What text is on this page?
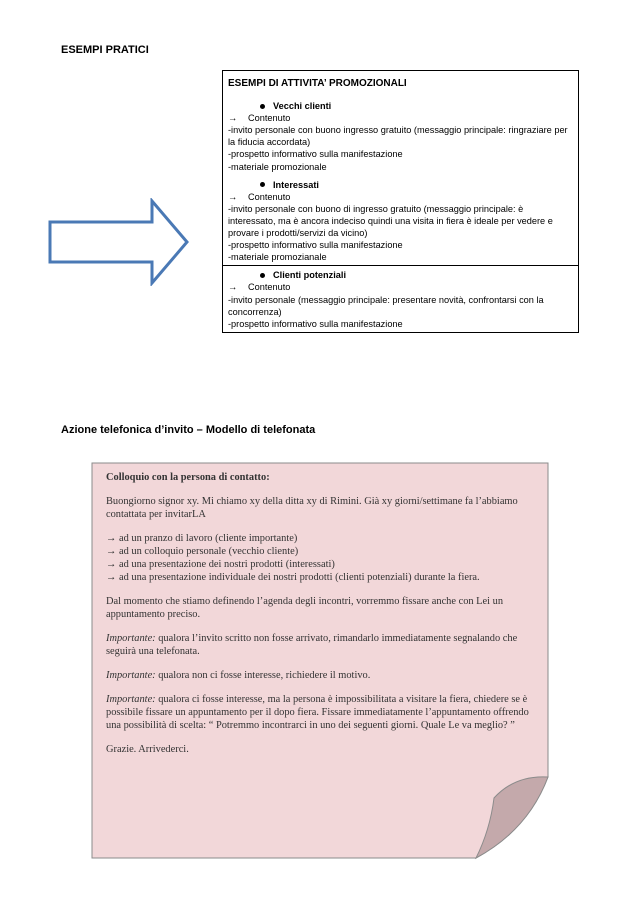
ESEMPI PRATICI
ESEMPI DI ATTIVITA’ PROMOZIONALI
Vecchi clienti
→	Contenuto
-invito personale con buono ingresso gratuito (messaggio principale: ringraziare per la fiducia accordata)
-prospetto informativo sulla manifestazione
-materiale promozionale
Interessati
→	Contenuto
-invito personale con buono di ingresso gratuito (messaggio principale: è interessato, ma è ancora indeciso quindi una visita in fiera è ideale per vedere e provare i prodotti/servizi da vicino)
-prospetto informativo sulla manifestazione
-materiale promozianale
Clienti potenziali
→	Contenuto
-invito personale (messaggio principale: presentare novità, confrontarsi con la concorrenza)
-prospetto informativo sulla manifestazione
Azione telefonica d’invito – Modello di telefonata

Colloquio con la persona di contatto:

Buongiorno signor xy. Mi chiamo xy della ditta xy di Rimini. Già xy giorni/settimane fa l’abbiamo contattata per invitarLA

→ ad un pranzo di lavoro (cliente importante)
→ ad un colloquio personale (vecchio cliente)
→ ad una presentazione dei nostri prodotti (interessati)
→ ad una presentazione individuale dei nostri prodotti (clienti potenziali) durante la fiera.

Dal momento che stiamo definendo l’agenda degli incontri, vorremmo fissare anche con Lei un appuntamento preciso.

Importante: qualora l’invito scritto non fosse arrivato, rimandarlo immediatamente segnalando che seguirà una telefonata.

Importante: qualora non ci fosse interesse, richiedere il motivo.

Importante: qualora ci fosse interesse, ma la persona è impossibilitata a visitare la fiera, chiedere se è possibile fissare un appuntamento per il dopo fiera. Fissare immediatamente l’appuntamento offrendo una possibilità di scelta: “ Potremmo incontrarci in uno dei seguenti giorni. Quale Le va meglio? ”

Grazie. Arrivederci.
